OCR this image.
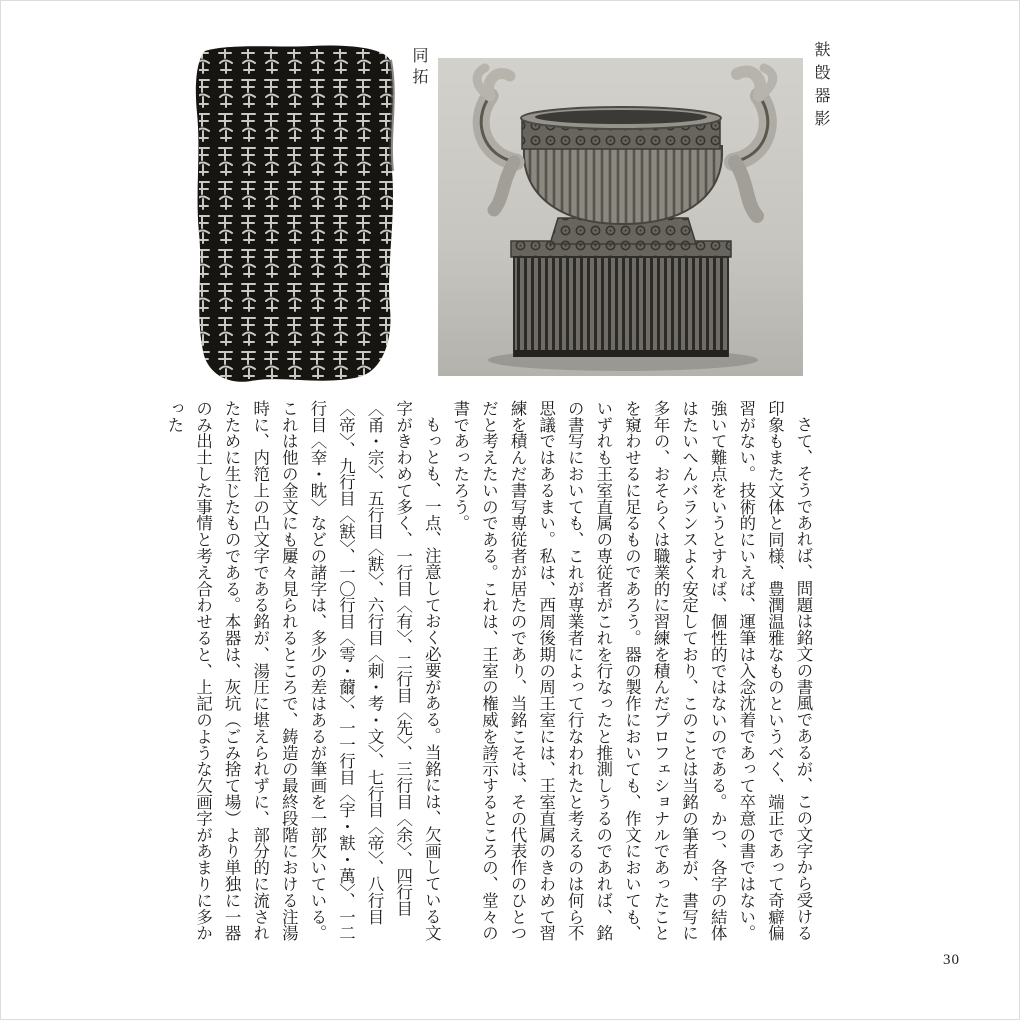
同拓	㝬𣪘器影

さて、そうであれば、問題は銘文の書風であるが、この文字から受ける印象もまた文体と同様、豊潤温雅なものというべく、端正であって奇癖偏習がない。技術的にいえば、運筆は入念沈着であって卒意の書ではない。強いて難点をいうとすれば、個性的ではないのである。かつ、各字の結体はたいへんバランスよく安定しており、このことは当銘の筆者が、書写に多年の、おそらくは職業的に習練を積んだプロフェショナルであったことを窺わせるに足るものであろう。器の製作においても、作文においても、いずれも王室直属の専従者がこれを行なったと推測しうるのであれば、銘の書写においても、これが専業者によって行なわれたと考えるのは何ら不思議ではあるまい。私は、西周後期の周王室には、王室直属のきわめて習練を積んだ書写専従者が居たのであり、当銘こそは、その代表作のひとつだと考えたいのである。これは、王室の権威を誇示するところの、堂々の書であったろう。

もっとも、一点、注意しておく必要がある。当銘には、欠画している文字がきわめて多く、一行目〈有〉、二行目〈先〉、三行目〈余〉、四行目〈甬・宗〉、五行目〈㝬〉、六行目〈刺・考・文〉、七行目〈帝〉、八行目〈帝〉、九行目〈㝬〉、一〇行目〈雩・薾〉、一一行目〈宇・㝬・萬〉、一二行目〈㚔・眈〉などの諸字は、多少の差はあるが筆画を一部欠いている。これは他の金文にも屢々見られるところで、鋳造の最終段階における注湯時に、内笵上の凸文字である銘が、湯圧に堪えられずに、部分的に流されたために生じたものである。本器は、灰坑（ごみ捨て場）より単独に一器のみ出土した事情と考え合わせると、上記のような欠画字があまりに多かった

30
